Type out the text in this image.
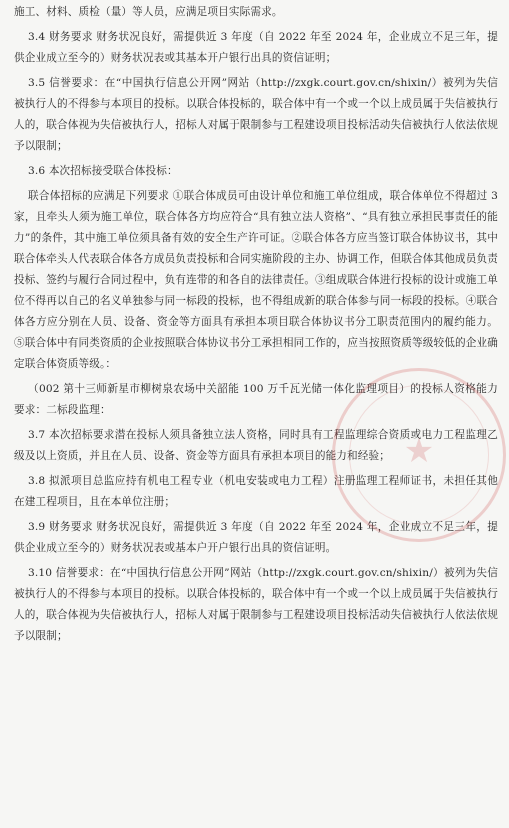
施工、材料、质检（量）等人员，应满足项目实际需求。

3.4 财务要求 财务状况良好，需提供近 3 年度（自 2022 年至 2024 年，企业成立不足三年，提供企业成立至今的）财务状况表或其基本开户银行出具的资信证明；

3.5 信誉要求：在“中国执行信息公开网”网站（http://zxgk.court.gov.cn/shixin/）被列为失信被执行人的不得参与本项目的投标。以联合体投标的，联合体中有一个或一个以上成员属于失信被执行人的，联合体视为失信被执行人，招标人对属于限制参与工程建设项目投标活动失信被执行人依法依规予以限制；

3.6 本次招标接受联合体投标：

联合体招标的应满足下列要求 ①联合体成员可由设计单位和施工单位组成，联合体单位不得超过 3 家，且牵头人须为施工单位，联合体各方均应符合“具有独立法人资格”、“具有独立承担民事责任的能力”的条件，其中施工单位须具备有效的安全生产许可证。②联合体各方应当签订联合体协议书，其中联合体牵头人代表联合体各方成员负责投标和合同实施阶段的主办、协调工作，但联合体其他成员负责投标、签约与履行合同过程中，负有连带的和各自的法律责任。③组成联合体进行投标的设计或施工单位不得再以自己的名义单独参与同一标段的投标，也不得组成新的联合体参与同一标段的投标。④联合体各方应分别在人员、设备、资金等方面具有承担本项目联合体协议书分工职责范围内的履约能力。 ⑤联合体中有同类资质的企业按照联合体协议书分工承担相同工作的，应当按照资质等级较低的企业确定联合体资质等级。：

（002 第十三师新星市柳树泉农场中关韶能 100 万千瓦光储一体化监理项目）的投标人资格能力要求：二标段监理：

3.7 本次招标要求潜在投标人须具备独立法人资格，同时具有工程监理综合资质或电力工程监理乙级及以上资质，并且在人员、设备、资金等方面具有承担本项目的能力和经验；

3.8 拟派项目总监应持有机电工程专业（机电安装或电力工程）注册监理工程师证书，未担任其他在建工程项目，且在本单位注册；

3.9 财务要求 财务状况良好，需提供近 3 年度（自 2022 年至 2024 年，企业成立不足三年，提供企业成立至今的）财务状况表或基本户开户银行出具的资信证明。

3.10 信誉要求：在“中国执行信息公开网”网站（http://zxgk.court.gov.cn/shixin/）被列为失信被执行人的不得参与本项目的投标。以联合体投标的，联合体中有一个或一个以上成员属于失信被执行人的，联合体视为失信被执行人，招标人对属于限制参与工程建设项目投标活动失信被执行人依法依规予以限制；

★
